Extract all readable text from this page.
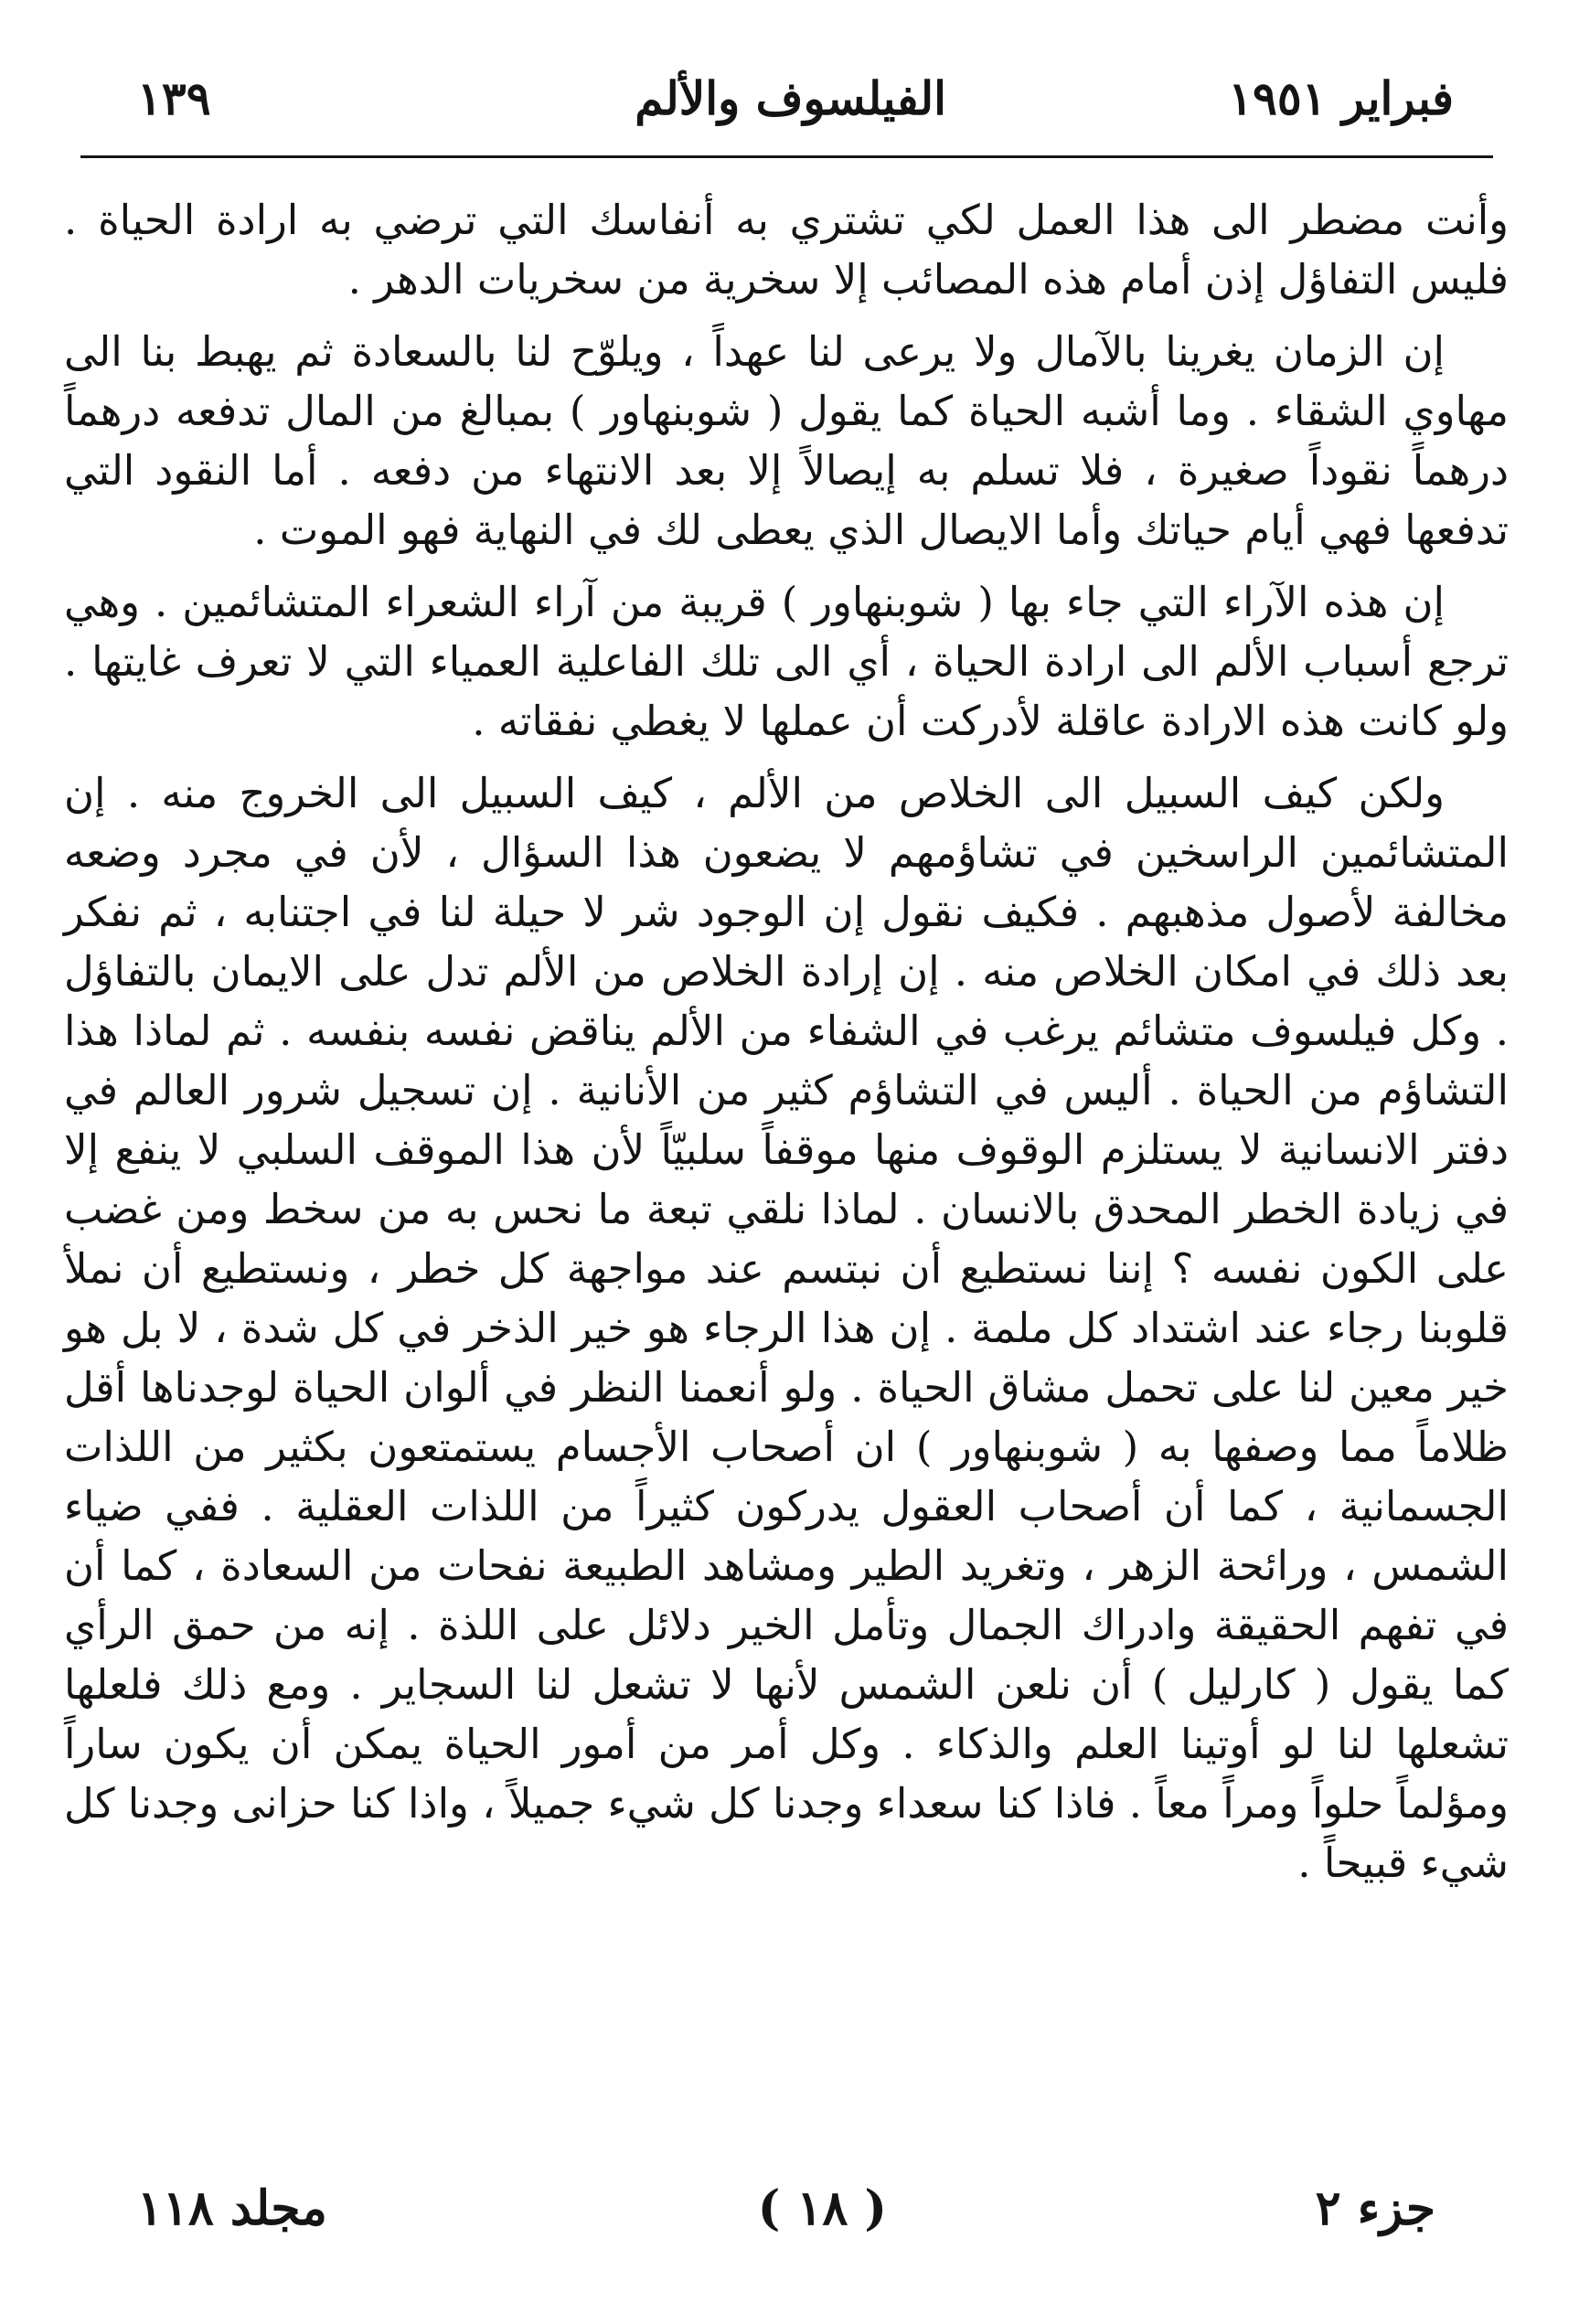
فبراير ١٩٥١
الفيلسوف والألم
١٣٩

وأنت مضطر الى هذا العمل لكي تشتري به أنفاسك التي ترضي به ارادة الحياة . فليس التفاؤل إذن أمام هذه المصائب إلا سخرية من سخريات الدهر .

إن الزمان يغرينا بالآمال ولا يرعى لنا عهداً ، ويلوّح لنا بالسعادة ثم يهبط بنا الى مهاوي الشقاء . وما أشبه الحياة كما يقول ( شوبنهاور ) بمبالغ من المال تدفعه درهماً درهماً نقوداً صغيرة ، فلا تسلم به إيصالاً إلا بعد الانتهاء من دفعه . أما النقود التي تدفعها فهي أيام حياتك وأما الايصال الذي يعطى لك في النهاية فهو الموت .

إن هذه الآراء التي جاء بها ( شوبنهاور ) قريبة من آراء الشعراء المتشائمين . وهي ترجع أسباب الألم الى ارادة الحياة ، أي الى تلك الفاعلية العمياء التي لا تعرف غايتها . ولو كانت هذه الارادة عاقلة لأدركت أن عملها لا يغطي نفقاته .

ولكن كيف السبيل الى الخلاص من الألم ، كيف السبيل الى الخروج منه . إن المتشائمين الراسخين في تشاؤمهم لا يضعون هذا السؤال ، لأن في مجرد وضعه مخالفة لأصول مذهبهم . فكيف نقول إن الوجود شر لا حيلة لنا في اجتنابه ، ثم نفكر بعد ذلك في امكان الخلاص منه . إن إرادة الخلاص من الألم تدل على الايمان بالتفاؤل . وكل فيلسوف متشائم يرغب في الشفاء من الألم يناقض نفسه بنفسه . ثم لماذا هذا التشاؤم من الحياة . أليس في التشاؤم كثير من الأنانية . إن تسجيل شرور العالم في دفتر الانسانية لا يستلزم الوقوف منها موقفاً سلبيّاً لأن هذا الموقف السلبي لا ينفع إلا في زيادة الخطر المحدق بالانسان . لماذا نلقي تبعة ما نحس به من سخط ومن غضب على الكون نفسه ؟ إننا نستطيع أن نبتسم عند مواجهة كل خطر ، ونستطيع أن نملأ قلوبنا رجاء عند اشتداد كل ملمة . إن هذا الرجاء هو خير الذخر في كل شدة ، لا بل هو خير معين لنا على تحمل مشاق الحياة . ولو أنعمنا النظر في ألوان الحياة لوجدناها أقل ظلاماً مما وصفها به ( شوبنهاور ) ان أصحاب الأجسام يستمتعون بكثير من اللذات الجسمانية ، كما أن أصحاب العقول يدركون كثيراً من اللذات العقلية . ففي ضياء الشمس ، ورائحة الزهر ، وتغريد الطير ومشاهد الطبيعة نفحات من السعادة ، كما أن في تفهم الحقيقة وادراك الجمال وتأمل الخير دلائل على اللذة . إنه من حمق الرأي كما يقول ( كارليل ) أن نلعن الشمس لأنها لا تشعل لنا السجاير . ومع ذلك فلعلها تشعلها لنا لو أوتينا العلم والذكاء . وكل أمر من أمور الحياة يمكن أن يكون ساراً ومؤلماً حلواً ومراً معاً . فاذا كنا سعداء وجدنا كل شيء جميلاً ، واذا كنا حزانى وجدنا كل شيء قبيحاً .

جزء ٢
( ١٨ )
مجلد ١١٨
